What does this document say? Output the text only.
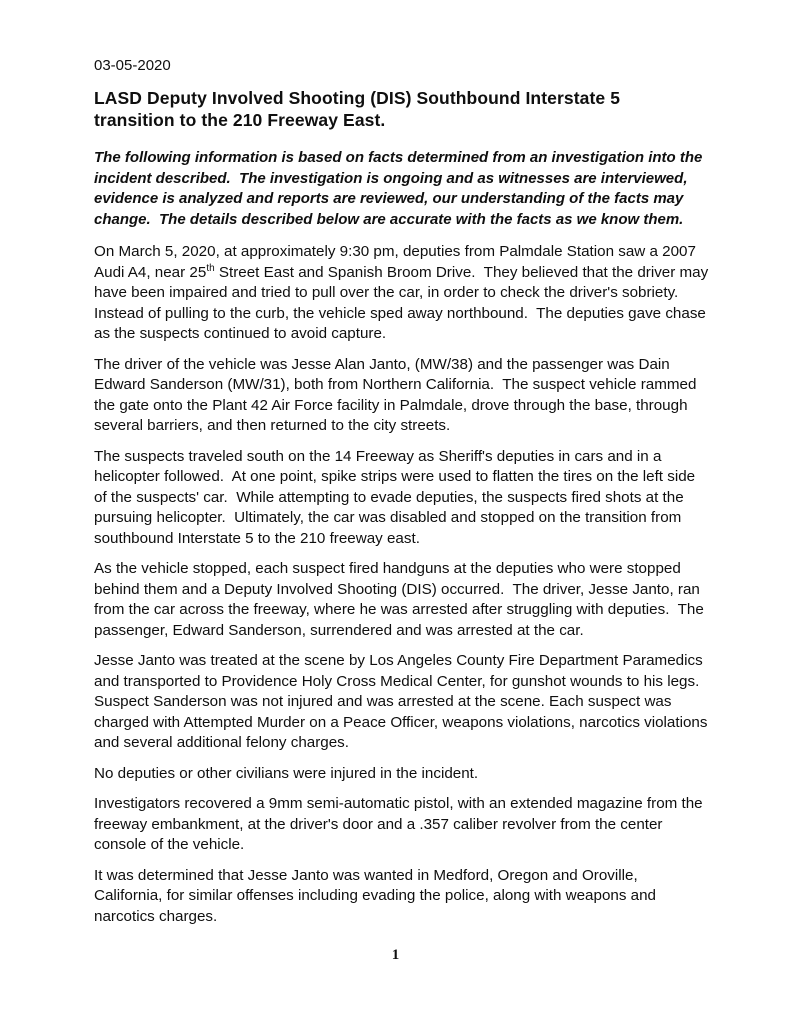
03-05-2020

LASD Deputy Involved Shooting (DIS) Southbound Interstate 5 transition to the 210 Freeway East.

The following information is based on facts determined from an investigation into the incident described.  The investigation is ongoing and as witnesses are interviewed, evidence is analyzed and reports are reviewed, our understanding of the facts may change.  The details described below are accurate with the facts as we know them.

On March 5, 2020, at approximately 9:30 pm, deputies from Palmdale Station saw a 2007 Audi A4, near 25th Street East and Spanish Broom Drive.  They believed that the driver may have been impaired and tried to pull over the car, in order to check the driver's sobriety.  Instead of pulling to the curb, the vehicle sped away northbound.  The deputies gave chase as the suspects continued to avoid capture.

The driver of the vehicle was Jesse Alan Janto, (MW/38) and the passenger was Dain Edward Sanderson (MW/31), both from Northern California.  The suspect vehicle rammed the gate onto the Plant 42 Air Force facility in Palmdale, drove through the base, through several barriers, and then returned to the city streets.

The suspects traveled south on the 14 Freeway as Sheriff's deputies in cars and in a helicopter followed.  At one point, spike strips were used to flatten the tires on the left side of the suspects' car.  While attempting to evade deputies, the suspects fired shots at the pursuing helicopter.  Ultimately, the car was disabled and stopped on the transition from southbound Interstate 5 to the 210 freeway east.

As the vehicle stopped, each suspect fired handguns at the deputies who were stopped behind them and a Deputy Involved Shooting (DIS) occurred.  The driver, Jesse Janto, ran from the car across the freeway, where he was arrested after struggling with deputies.  The passenger, Edward Sanderson, surrendered and was arrested at the car.

Jesse Janto was treated at the scene by Los Angeles County Fire Department Paramedics and transported to Providence Holy Cross Medical Center, for gunshot wounds to his legs.  Suspect Sanderson was not injured and was arrested at the scene. Each suspect was charged with Attempted Murder on a Peace Officer, weapons violations, narcotics violations and several additional felony charges.

No deputies or other civilians were injured in the incident.

Investigators recovered a 9mm semi-automatic pistol, with an extended magazine from the freeway embankment, at the driver's door and a .357 caliber revolver from the center console of the vehicle.

It was determined that Jesse Janto was wanted in Medford, Oregon and Oroville, California, for similar offenses including evading the police, along with weapons and narcotics charges.

1
